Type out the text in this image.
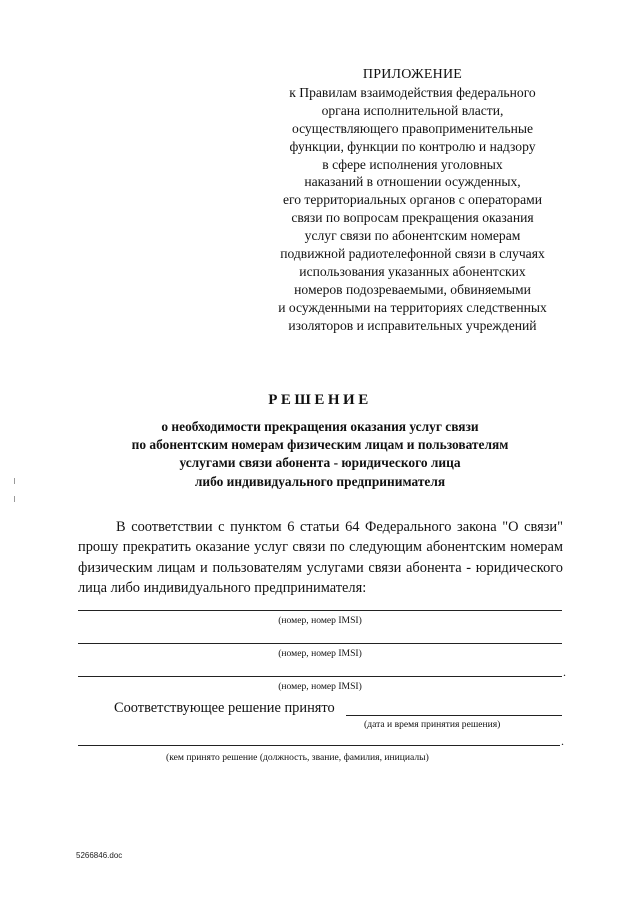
ПРИЛОЖЕНИЕ
к Правилам взаимодействия федерального
органа исполнительной власти,
осуществляющего правоприменительные
функции, функции по контролю и надзору
в сфере исполнения уголовных
наказаний в отношении осужденных,
его территориальных органов с операторами
связи по вопросам прекращения оказания
услуг связи по абонентским номерам
подвижной радиотелефонной связи в случаях
использования указанных абонентских
номеров подозреваемыми, обвиняемыми
и осужденными на территориях следственных
изоляторов и исправительных учреждений
РЕШЕНИЕ
о необходимости прекращения оказания услуг связи
по абонентским номерам физическим лицам и пользователям
услугами связи абонента - юридического лица
либо индивидуального предпринимателя
В соответствии с пунктом 6 статьи 64 Федерального закона "О связи" прошу прекратить оказание услуг связи по следующим абонентским номерам физическим лицам и пользователям услугами связи абонента - юридического лица либо индивидуального предпринимателя:
(номер, номер IMSI)
(номер, номер IMSI)
.
(номер, номер IMSI)
Соответствующее решение принято
(дата и время принятия решения)
.
(кем принято решение (должность, звание, фамилия, инициалы)
5266846.doc
